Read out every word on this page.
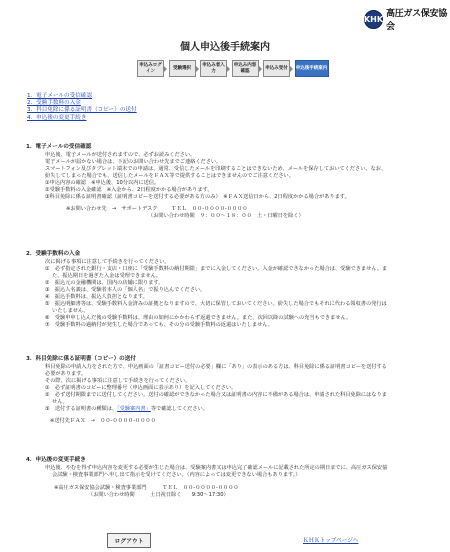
KHK 高圧ガス保安協会
個人申込後手続案内
申込みログイン
受験選択
申込み者入力
申込み内容確認
申込み受付	申込後手続案内
1．電子メールの受信確認
2．受験手数料の入金
3．科目免除に係る証明書（コピー）の送付
4．申込後の変更手続き
1．電子メールの受信確認

申込後、電子メールが送付されますので、必ずお読みください。

電子メールが届かない場合は、下記のお問い合わせ先までご連絡ください。

スマートフォン及びタブレット端末での申請は、通常、受信したメールを印刷することはできないため、メールを保存しておいてください。なお、

紛失してしまった場合でも、送信したメールをＦＡＸ等で提供することはできませんのでご注意ください。

①申込内容の確認　※申込後、10分以内に送信。

②受験手数料の入金確認　※入金から、2日程度かかる場合があります。

③科目免除に係る証明書確認（証明書コピーを送付する必要がある方のみ）　※ＦＡＸ送信日から、2日程度かかる場合があります。

※お問い合わせ先　→　サポートデスク	ＴＥＬ　００-００００-００００

（お問い合わせ時間　９：００～１８：００　土・日曜日を除く）

2．受験手数料の入金

次に掲げる事項に注意して手続きを行ってください。

①　必ず指定された銀行・支店・口座に「受験手数料の納付期限」までに入金してください。入金が確認できなかった場合は、受験できません。ま

た、振込期日を過ぎた入金は受理できません。

②　振込元の金融機関は、国内の店舗に限ります。

③　振込人名義は、受験者本人の「個人名」で振り込んでください。

④　振込手数料は、振込人負担となります。

⑤　振込明細書等は、受験手数料入金済みの証拠となりますので、大切に保管しておいてください。紛失した場合でもそれに代わる領収書の発行は

いたしません。

⑥　受験申申し込んだ後の受験手数料は、理由の如何にかかわらず返還できません。また、次回以降の試験への充当もできません。

⑦　受験手数料の過納付が発生した場合であっても、その分の受験手数料の返還はいたしません。

3．科目免除に係る証明書（コピー）の送付

科目免除の申請入力をされた方で、申込画面の「証書コピー送付の必要」欄に「あり」の表示のある方は、科目免除に係る証明書コピーを送付する

必要があります。

その際、次に掲げる事項に注意して手続きを行ってください。

①　必ず証明書のコピーに整理番号（申込画面に表示あり）を記入してください。

②　必ず送付期限までに送付してください。送付の確認ができなかった場合又は証明書の内容に不備がある場合は、申請された科目免除にはなりま

せん。

③　送付する証明書の種類は、「受験案内書」等で確認してください。

※送付先ＦＡＸ　→　００-００００-００００

4．申込後の変更手続き

申込後、やむを得ず申込内容を変更する必要が生じた場合は、受験案内書又は申込完了確認メールに記載された所定の期日までに、高圧ガス保安協

会試験・検査事業部門へ申し出て指示を受けてください。（内容によっては変更できない場合もあります。）

※高圧ガス保安協会試験・検査事業部門	ＴＥＬ　００-００００-００００

（お問い合わせ時間　　　土日祝日除く　　9:30～17:30）

ログアウト	ＫＨＫトップページへ
